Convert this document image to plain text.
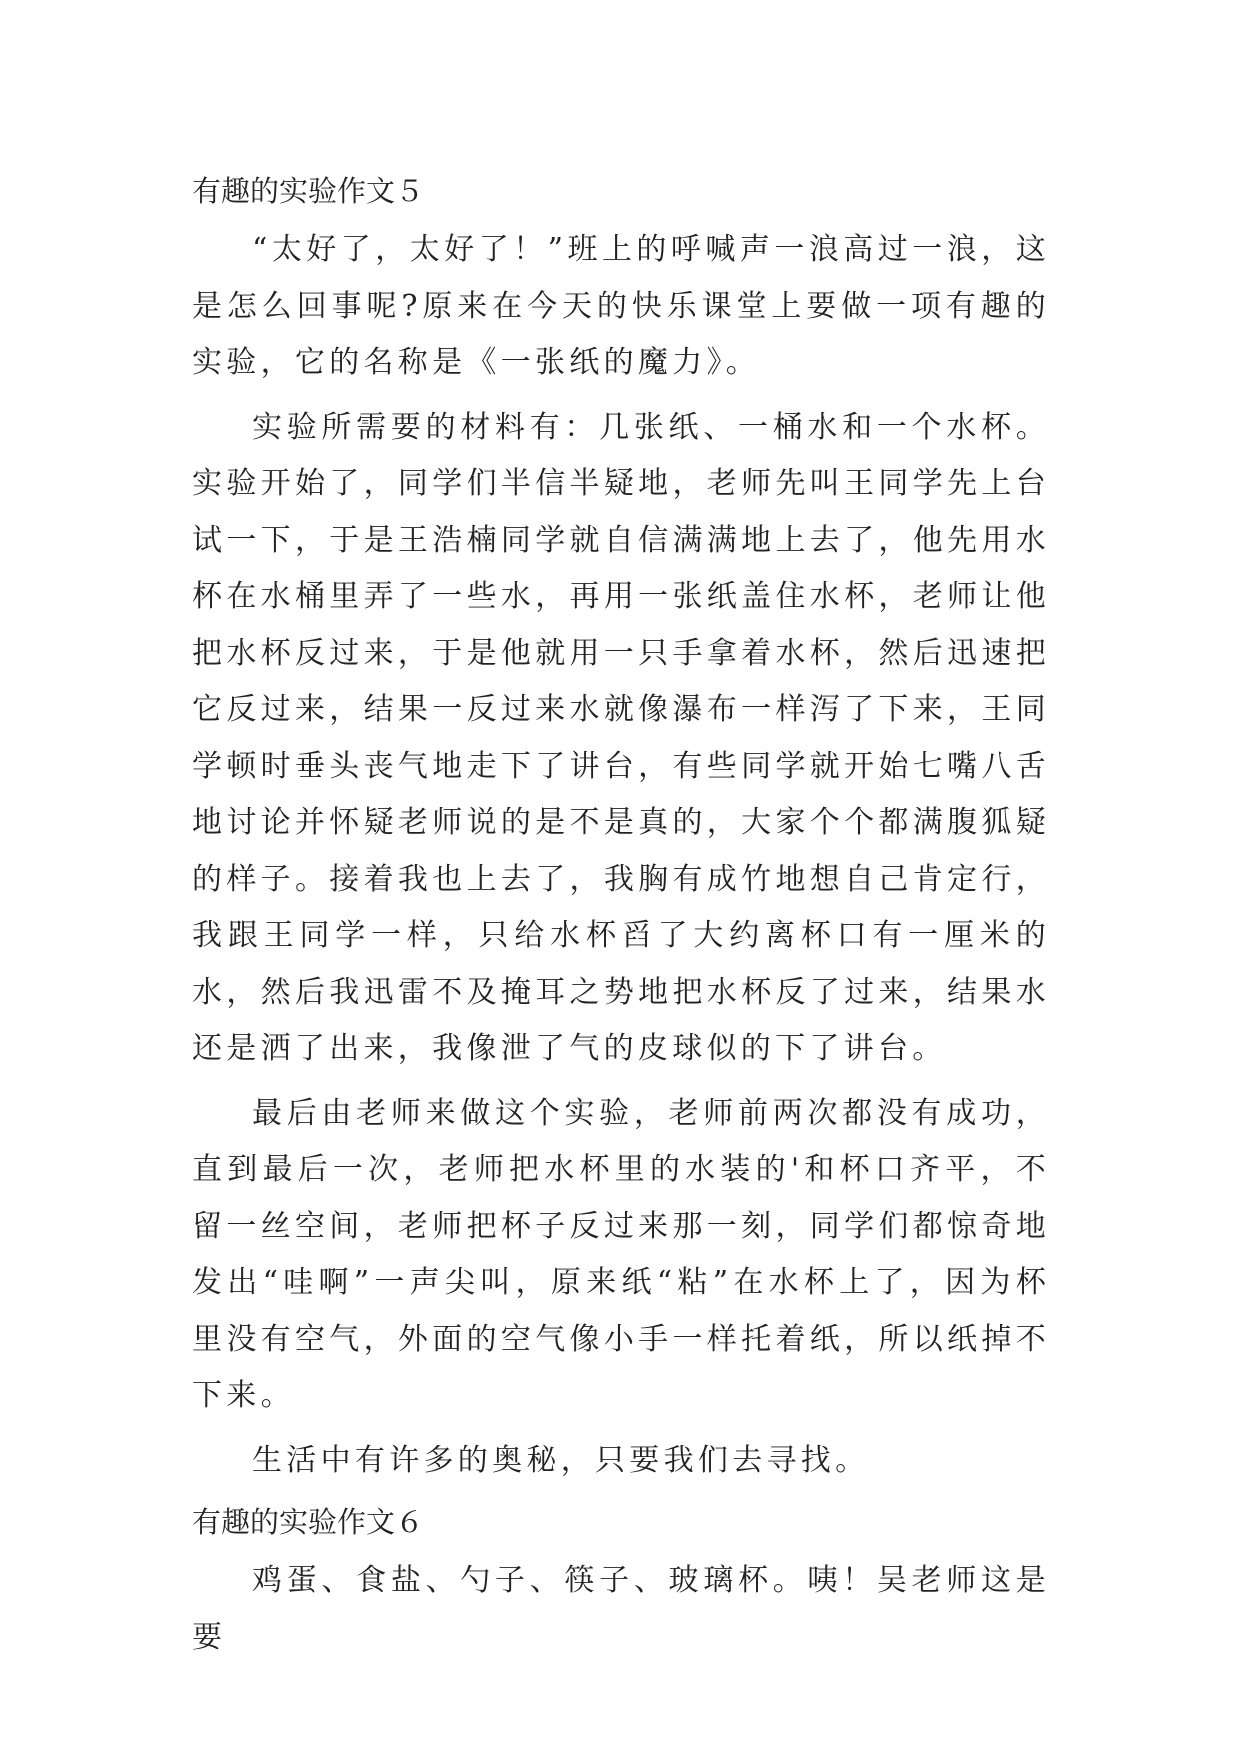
有趣的实验作文５

“太好了，太好了！”班上的呼喊声一浪高过一浪，这是怎么回事呢?原来在今天的快乐课堂上要做一项有趣的实验，它的名称是《一张纸的魔力》。

实验所需要的材料有：几张纸、一桶水和一个水杯。实验开始了，同学们半信半疑地，老师先叫王同学先上台试一下，于是王浩楠同学就自信满满地上去了，他先用水杯在水桶里弄了一些水，再用一张纸盖住水杯，老师让他把水杯反过来，于是他就用一只手拿着水杯，然后迅速把它反过来，结果一反过来水就像瀑布一样泻了下来，王同学顿时垂头丧气地走下了讲台，有些同学就开始七嘴八舌地讨论并怀疑老师说的是不是真的，大家个个都满腹狐疑的样子。接着我也上去了，我胸有成竹地想自己肯定行，我跟王同学一样，只给水杯舀了大约离杯口有一厘米的水，然后我迅雷不及掩耳之势地把水杯反了过来，结果水还是洒了出来，我像泄了气的皮球似的下了讲台。

最后由老师来做这个实验，老师前两次都没有成功，直到最后一次，老师把水杯里的水装的'和杯口齐平，不留一丝空间，老师把杯子反过来那一刻，同学们都惊奇地发出“哇啊”一声尖叫，原来纸“粘”在水杯上了，因为杯里没有空气，外面的空气像小手一样托着纸，所以纸掉不下来。

生活中有许多的奥秘，只要我们去寻找。

有趣的实验作文６

鸡蛋、食盐、勺子、筷子、玻璃杯。咦！吴老师这是要
